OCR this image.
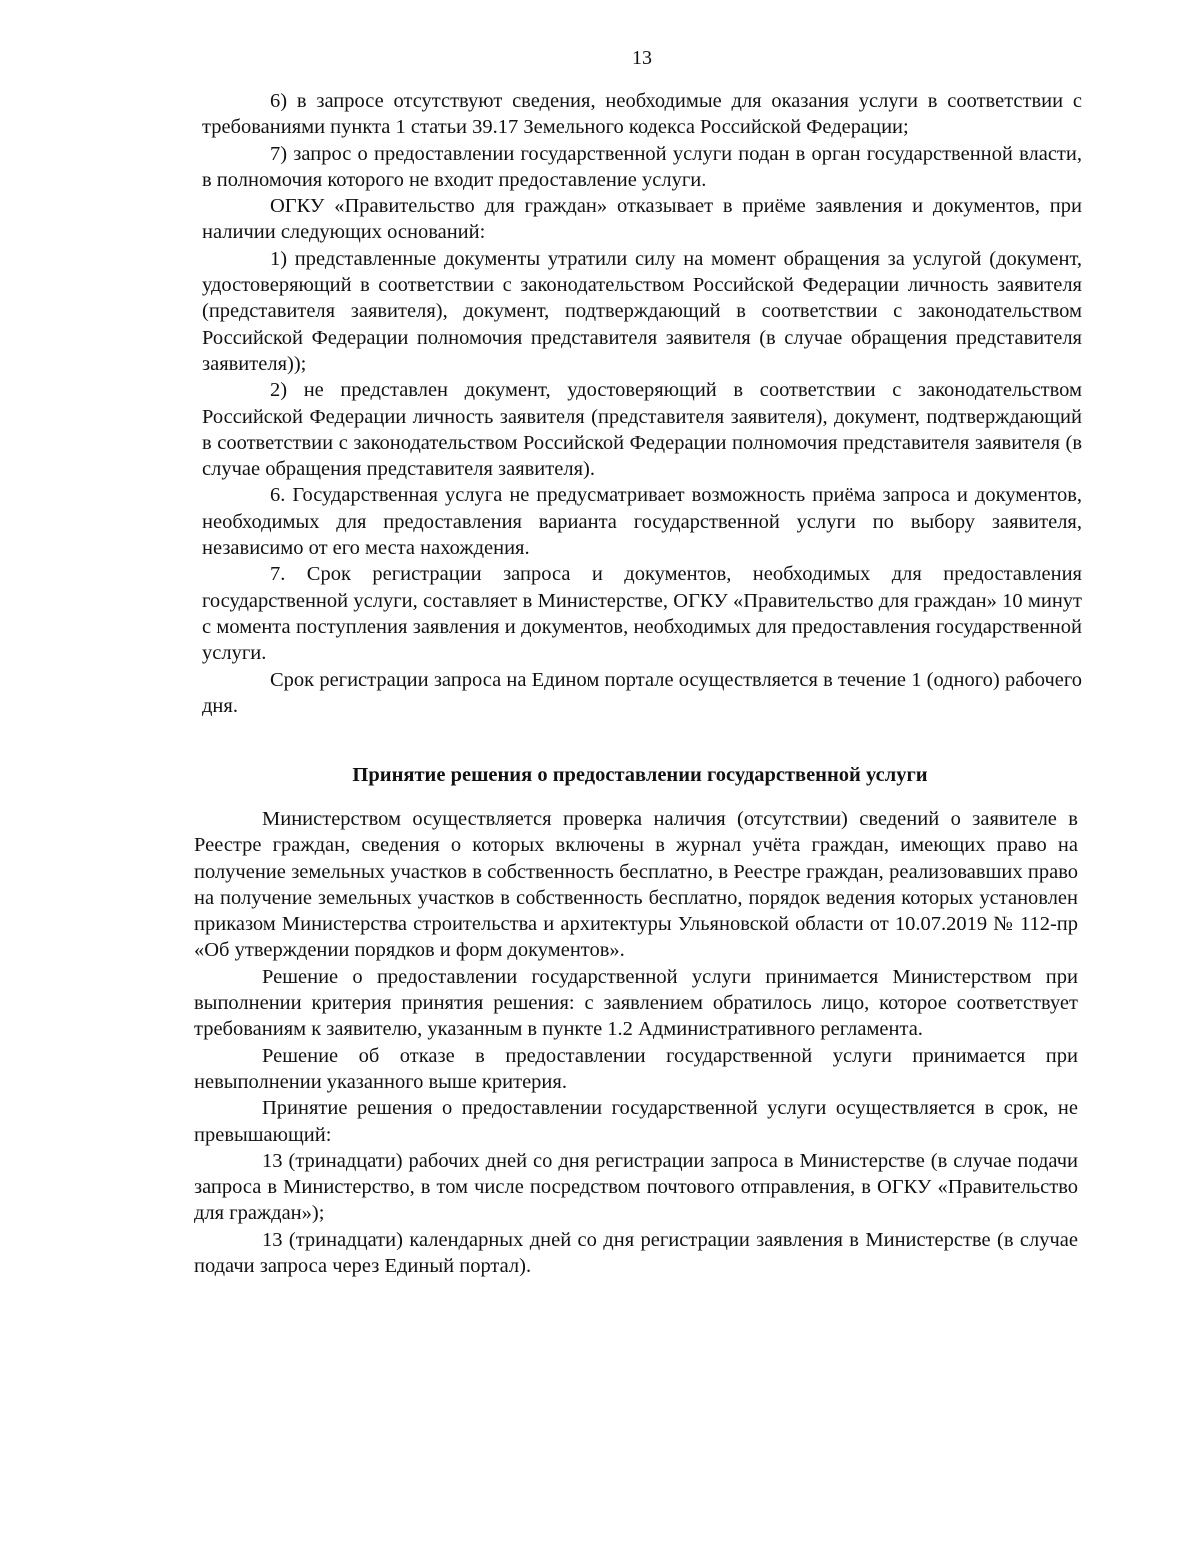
13

6) в запросе отсутствуют сведения, необходимые для оказания услуги в соответствии с требованиями пункта 1 статьи 39.17 Земельного кодекса Российской Федерации;

7) запрос о предоставлении государственной услуги подан в орган государственной власти, в полномочия которого не входит предоставление услуги.

ОГКУ «Правительство для граждан» отказывает в приёме заявления и документов, при наличии следующих оснований:

1) представленные документы утратили силу на момент обращения за услугой (документ, удостоверяющий в соответствии с законодательством Российской Федерации личность заявителя (представителя заявителя), документ, подтверждающий в соответствии с законодательством Российской Федерации полномочия представителя заявителя (в случае обращения представителя заявителя));

2) не представлен документ, удостоверяющий в соответствии с законодательством Российской Федерации личность заявителя (представителя заявителя), документ, подтверждающий в соответствии с законодательством Российской Федерации полномочия представителя заявителя (в случае обращения представителя заявителя).

6. Государственная услуга не предусматривает возможность приёма запроса и документов, необходимых для предоставления варианта государственной услуги по выбору заявителя, независимо от его места нахождения.

7. Срок регистрации запроса и документов, необходимых для предоставления государственной услуги, составляет в Министерстве, ОГКУ «Правительство для граждан» 10 минут с момента поступления заявления и документов, необходимых для предоставления государственной услуги.

Срок регистрации запроса на Едином портале осуществляется в течение 1 (одного) рабочего дня.

Принятие решения о предоставлении государственной услуги

Министерством осуществляется проверка наличия (отсутствии) сведений о заявителе в Реестре граждан, сведения о которых включены в журнал учёта граждан, имеющих право на получение земельных участков в собственность бесплатно, в Реестре граждан, реализовавших право на получение земельных участков в собственность бесплатно, порядок ведения которых установлен приказом Министерства строительства и архитектуры Ульяновской области от 10.07.2019 № 112-пр «Об утверждении порядков и форм документов».

Решение о предоставлении государственной услуги принимается Министерством при выполнении критерия принятия решения: с заявлением обратилось лицо, которое соответствует требованиям к заявителю, указанным в пункте 1.2 Административного регламента.

Решение об отказе в предоставлении государственной услуги принимается при невыполнении указанного выше критерия.

Принятие решения о предоставлении государственной услуги осуществляется в срок, не превышающий:

13 (тринадцати) рабочих дней со дня регистрации запроса в Министерстве (в случае подачи запроса в Министерство, в том числе посредством почтового отправления, в ОГКУ «Правительство для граждан»);

13 (тринадцати) календарных дней со дня регистрации заявления в Министерстве (в случае подачи запроса через Единый портал).
